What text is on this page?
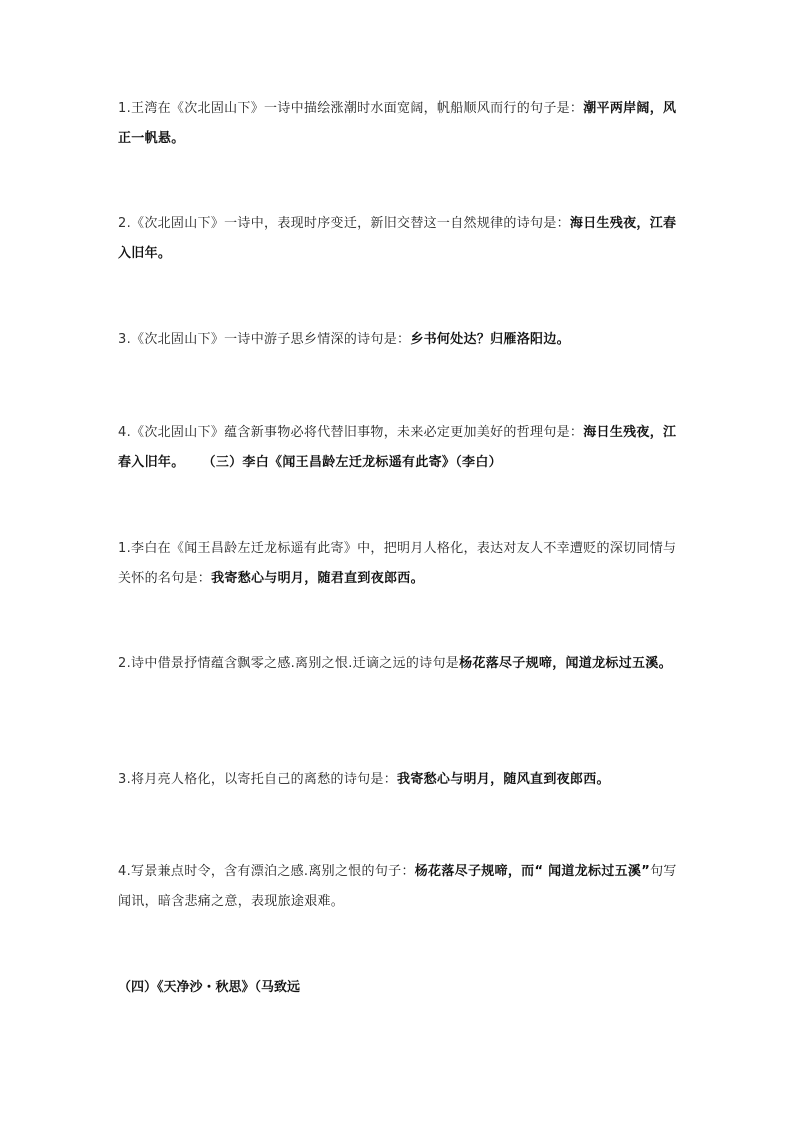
1.王湾在《次北固山下》一诗中描绘涨潮时水面宽阔，帆船顺风而行的句子是：潮平两岸阔，风正一帆悬。
2.《次北固山下》一诗中，表现时序变迁，新旧交替这一自然规律的诗句是：海日生残夜，江春入旧年。
3.《次北固山下》一诗中游子思乡情深的诗句是：乡书何处达？归雁洛阳边。
4.《次北固山下》蕴含新事物必将代替旧事物，未来必定更加美好的哲理句是：海日生残夜，江春入旧年。 （三）李白《闻王昌龄左迁龙标遥有此寄》（李白）
1.李白在《闻王昌龄左迁龙标遥有此寄》中，把明月人格化，表达对友人不幸遭贬的深切同情与关怀的名句是：我寄愁心与明月，随君直到夜郎西。
2.诗中借景抒情蕴含飘零之感.离别之恨.迁谪之远的诗句是杨花落尽子规啼，闻道龙标过五溪。
3.将月亮人格化，以寄托自己的离愁的诗句是：我寄愁心与明月，随风直到夜郎西。
4.写景兼点时令，含有漂泊之感.离别之恨的句子：杨花落尽子规啼，而“ 闻道龙标过五溪”句写闻讯，暗含悲痛之意，表现旅途艰难。
（四）《天净沙・秋思》（马致远
